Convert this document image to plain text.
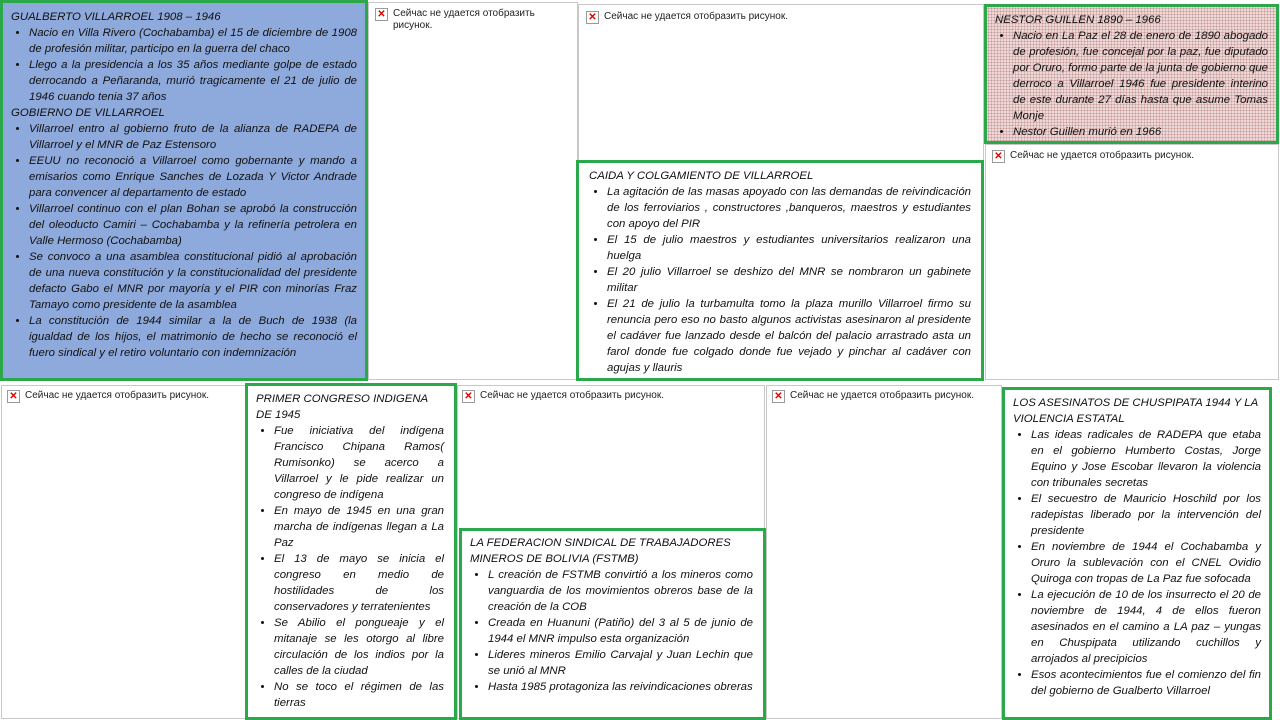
✕ Сейчас не удается отобразить рисунок.
✕ Сейчас не удается отобразить рисунок.
✕ Сейчас не удается отобразить рисунок.
✕ Сейчас не удается отобразить рисунок.	✕ Сейчас не удается отобразить рисунок.	✕ Сейчас не удается отобразить рисунок.

GUALBERTO VILLARROEL 1908 – 1946

• Nacio en Villa Rivero (Cochabamba) el 15 de diciembre de 1908 de profesión militar, participo en la guerra del chaco
• Llego a la presidencia a los 35 años mediante golpe de estado derrocando a Peñaranda, murió tragicamente el 21 de julio de 1946 cuando tenia 37 años

GOBIERNO DE VILLARROEL

• Villarroel entro al gobierno fruto de la alianza de RADEPA de Villarroel y el MNR de Paz Estensoro
• EEUU no reconoció a Villarroel como gobernante y mando a emisarios como Enrique Sanches de Lozada Y Victor Andrade para convencer al departamento de estado
• Villarroel continuo con el plan Bohan se aprobó la construcción del oleoducto Camiri – Cochabamba y la refinería petrolera en Valle Hermoso (Cochabamba)
• Se convoco a una asamblea constitucional pidió al aprobación de una nueva constitución y la constitucionalidad del presidente defacto Gabo el MNR por mayoría y el PIR con minorías Fraz Tamayo como presidente de la asamblea
• La constitución de 1944 similar a la de Buch de 1938 (la igualdad de los hijos, el matrimonio de hecho se reconoció el fuero sindical y el retiro voluntario con indemnización

NESTOR GUILLEN 1890 – 1966

• Nacio en La Paz el 28 de enero de 1890 abogado de profesión, fue concejal por la paz, fue diputado por Oruro, formo parte de la junta de gobierno que derroco a Villarroel 1946 fue presidente interino de este durante 27 días hasta que asume Tomas Monje
• Nestor Guillen murió en 1966

CAIDA Y COLGAMIENTO DE VILLARROEL

• La agitación de las masas apoyado con las demandas de reivindicación de los ferroviarios , constructores ,banqueros, maestros y estudiantes con apoyo del PIR
• El 15 de julio maestros y estudiantes universitarios realizaron una huelga
• El 20 julio Villarroel se deshizo del MNR se nombraron un gabinete militar
• El 21 de julio la turbamulta tomo la plaza murillo Villarroel firmo su renuncia pero eso no basto algunos activistas asesinaron al presidente el cadáver fue lanzado desde el balcón del palacio arrastrado asta un farol donde fue colgado donde fue vejado y pinchar al cadáver con agujas y llauris

PRIMER CONGRESO INDIGENA DE 1945

• Fue iniciativa del indígena Francisco Chipana Ramos( Rumisonko) se acerco a Villarroel y le pide realizar un congreso de indígena
• En mayo de 1945 en una gran marcha de indígenas llegan a La Paz
• El 13 de mayo se inicia el congreso en medio de hostilidades de los conservadores y terratenientes
• Se Abilio el pongueaje y el mitanaje se les otorgo al libre circulación de los indios por la calles de la ciudad
• No se toco el régimen de las tierras

LA FEDERACION SINDICAL DE TRABAJADORES MINEROS DE BOLIVIA (FSTMB)

• L creación de FSTMB convirtió a los mineros como vanguardia de los movimientos obreros base de la creación de la COB
• Creada en Huanuni (Patiño) del 3 al 5 de junio de 1944 el MNR impulso esta organización
• Lideres mineros Emilio Carvajal y Juan Lechin que se unió al MNR
• Hasta 1985 protagoniza las reivindicaciones obreras

LOS ASESINATOS DE CHUSPIPATA 1944 Y LA VIOLENCIA ESTATAL

• Las ideas radicales de RADEPA que etaba en el gobierno Humberto Costas, Jorge Equino y Jose Escobar llevaron la violencia con tribunales secretas
• El secuestro de Mauricio Hoschild por los radepistas liberado por la intervención del presidente
• En noviembre de 1944 el Cochabamba y Oruro la sublevación con el CNEL Ovidio Quiroga con tropas de La Paz fue sofocada
• La ejecución de 10 de los insurrecto el 20 de noviembre de 1944, 4 de ellos fueron asesinados en el camino a LA paz – yungas en Chuspipata utilizando cuchillos y arrojados al precipicios
• Esos acontecimientos fue el comienzo del fin del gobierno de Gualberto Villarroel
